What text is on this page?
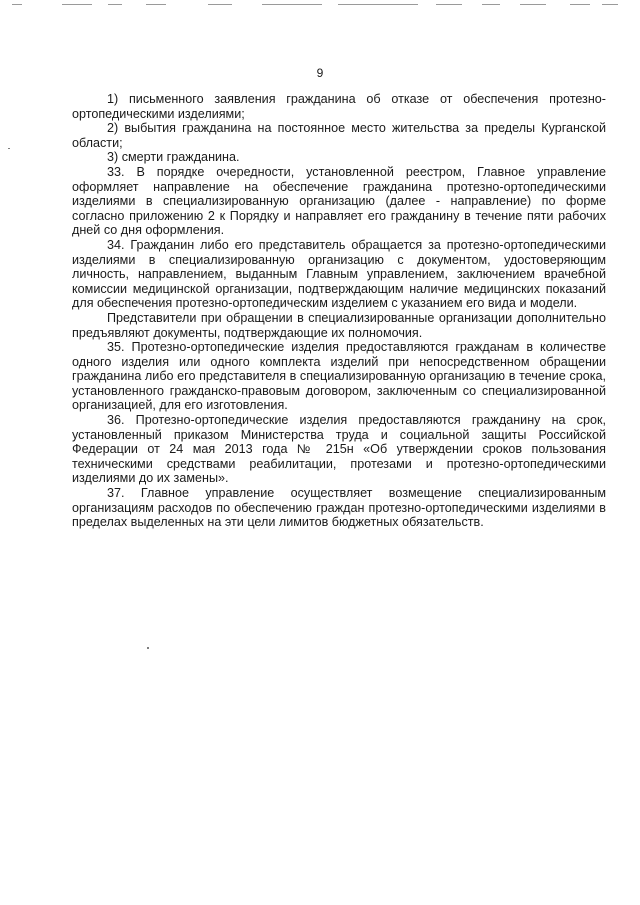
9

1) письменного заявления гражданина об отказе от обеспечения протезно-ортопедическими изделиями;

2) выбытия гражданина на постоянное место жительства за пределы Курганской области;

3) смерти гражданина.

33. В порядке очередности, установленной реестром, Главное управление оформляет направление на обеспечение гражданина протезно-ортопедическими изделиями в специализированную организацию (далее - направление) по форме согласно приложению 2 к Порядку и направляет его гражданину в течение пяти рабочих дней со дня оформления.

34. Гражданин либо его представитель обращается за протезно-ортопедическими изделиями в специализированную организацию с документом, удостоверяющим личность, направлением, выданным Главным управлением, заключением врачебной комиссии медицинской организации, подтверждающим наличие медицинских показаний для обеспечения протезно-ортопедическим изделием с указанием его вида и модели.

Представители при обращении в специализированные организации дополнительно предъявляют документы, подтверждающие их полномочия.

35. Протезно-ортопедические изделия предоставляются гражданам в количестве одного изделия или одного комплекта изделий при непосредственном обращении гражданина либо его представителя в специализированную организацию в течение срока, установленного гражданско-правовым договором, заключенным со специализированной организацией, для его изготовления.

36. Протезно-ортопедические изделия предоставляются гражданину на срок, установленный приказом Министерства труда и социальной защиты Российской Федерации от 24 мая 2013 года № 215н «Об утверждении сроков пользования техническими средствами реабилитации, протезами и протезно-ортопедическими изделиями до их замены».

37. Главное управление осуществляет возмещение специализированным организациям расходов по обеспечению граждан протезно-ортопедическими изделиями в пределах выделенных на эти цели лимитов бюджетных обязательств.
